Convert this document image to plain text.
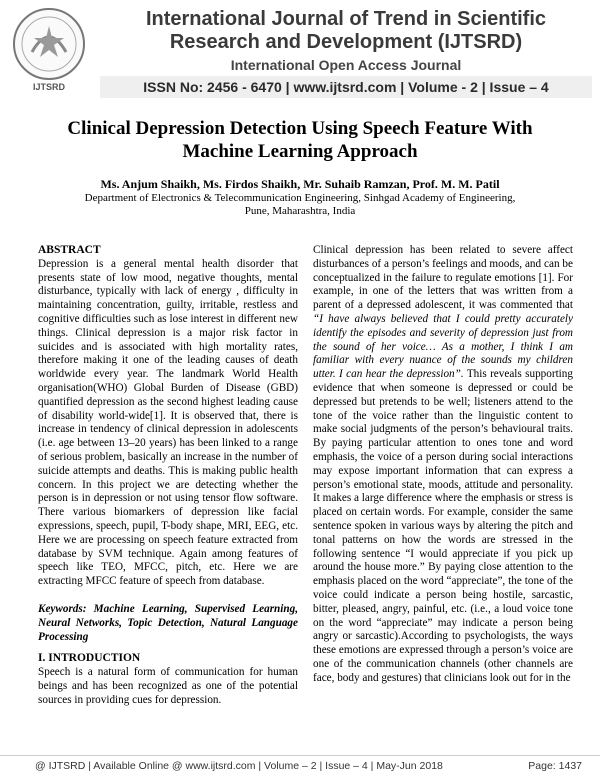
IJTSRD
International Journal of Trend in Scientific
Research and Development (IJTSRD)
International Open Access Journal
ISSN No: 2456 - 6470 | www.ijtsrd.com | Volume - 2 | Issue – 4
Clinical Depression Detection Using Speech Feature With
Machine Learning Approach
Ms. Anjum Shaikh, Ms. Firdos Shaikh, Mr. Suhaib Ramzan, Prof. M. M. Patil
Department of Electronics & Telecommunication Engineering, Sinhgad Academy of Engineering,
Pune, Maharashtra, India

ABSTRACT

Depression is a general mental health disorder that presents state of low mood, negative thoughts, mental disturbance, typically with lack of energy , difficulty in maintaining concentration, guilty, irritable, restless and cognitive difficulties such as lose interest in different new things. Clinical depression is a major risk factor in suicides and is associated with high mortality rates, therefore making it one of the leading causes of death worldwide every year. The landmark World Health organisation(WHO) Global Burden of Disease (GBD) quantified depression as the second highest leading cause of disability world-wide[1]. It is observed that, there is increase in tendency of clinical depression in adolescents (i.e. age between 13–20 years) has been linked to a range of serious problem, basically an increase in the number of suicide attempts and deaths. This is making public health concern. In this project we are detecting whether the person is in depression or not using tensor flow software. There various biomarkers of depression like facial expressions, speech, pupil, T-body shape, MRI, EEG, etc. Here we are processing on speech feature extracted from database by SVM technique. Again among features of speech like TEO, MFCC, pitch, etc. Here we are extracting MFCC feature of speech from database.

Keywords: Machine Learning, Supervised Learning, Neural Networks, Topic Detection, Natural Language Processing

I. INTRODUCTION

Speech is a natural form of communication for human beings and has been recognized as one of the potential sources in providing cues for depression.

Clinical depression has been related to severe affect disturbances of a person’s feelings and moods, and can be conceptualized in the failure to regulate emotions [1]. For example, in one of the letters that was written from a parent of a depressed adolescent, it was commented that “I have always believed that I could pretty accurately identify the episodes and severity of depression just from the sound of her voice… As a mother, I think I am familiar with every nuance of the sounds my children utter. I can hear the depression”. This reveals supporting evidence that when someone is depressed or could be depressed but pretends to be well; listeners attend to the tone of the voice rather than the linguistic content to make social judgments of the person’s behavioural traits. By paying particular attention to ones tone and word emphasis, the voice of a person during social interactions may expose important information that can express a person’s emotional state, moods, attitude and personality. It makes a large difference where the emphasis or stress is placed on certain words. For example, consider the same sentence spoken in various ways by altering the pitch and tonal patterns on how the words are stressed in the following sentence “I would appreciate if you pick up around the house more.” By paying close attention to the emphasis placed on the word “appreciate”, the tone of the voice could indicate a person being hostile, sarcastic, bitter, pleased, angry, painful, etc. (i.e., a loud voice tone on the word “appreciate” may indicate a person being angry or sarcastic).According to psychologists, the ways these emotions are expressed through a person’s voice are one of the communication channels (other channels are face, body and gestures) that clinicians look out for in the

@ IJTSRD | Available Online @ www.ijtsrd.com | Volume – 2 | Issue – 4 | May-Jun 2018	Page: 1437
